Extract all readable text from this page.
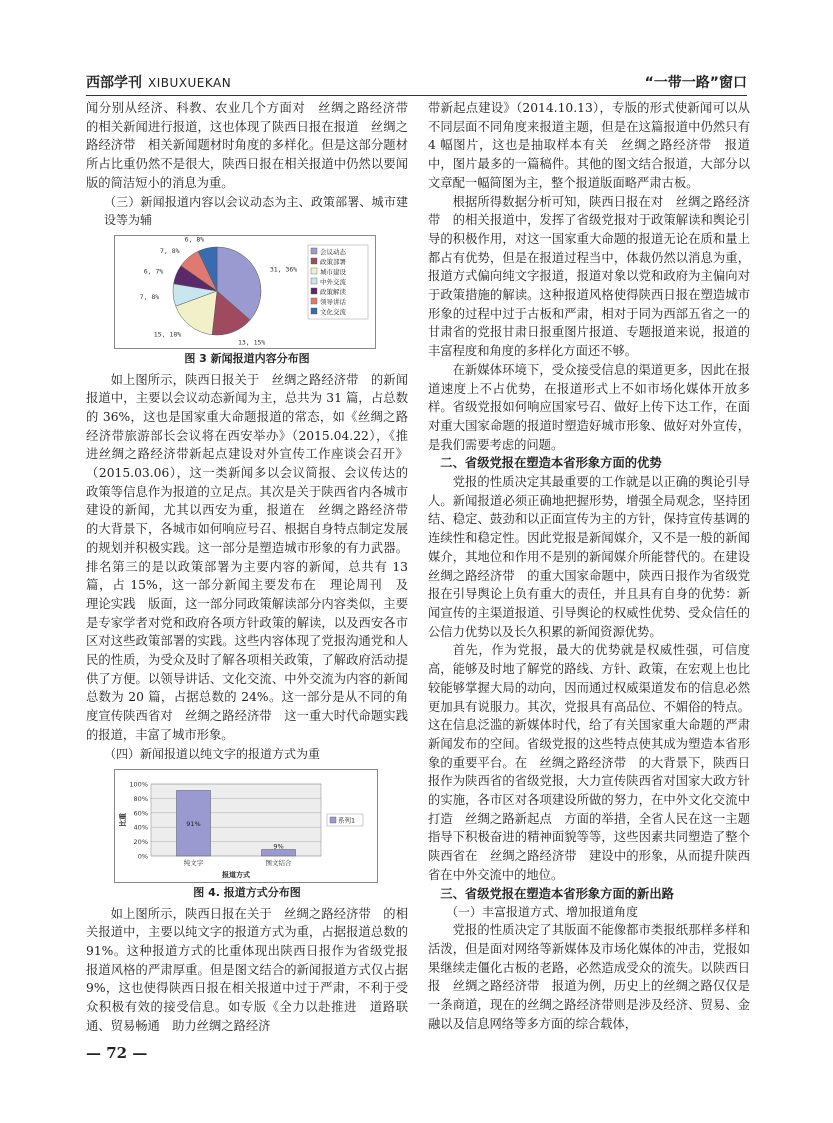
西部学刊 XIBUXUEKAN	“一带一路”窗口

闻分别从经济、科教、农业几个方面对　丝绸之路经济带　的相关新闻进行报道，这也体现了陕西日报在报道　丝绸之路经济带　相关新闻题材时角度的多样化。但是这部分题材所占比重仍然不是很大，陕西日报在相关报道中仍然以要闻版的简洁短小的消息为重。

（三）新闻报道内容以会议动态为主、政策部署、城市建设等为辅
31, 36%
13, 15%
15, 18%
7, 8%
6, 7%
7, 8%
6, 8%
会议动态
政策部署
城市建设
中外交流
政策解读
领导讲话
文化交流
图 3 新闻报道内容分布图

如上图所示，陕西日报关于　丝绸之路经济带　的新闻报道中，主要以会议动态新闻为主，总共为 31 篇，占总数的 36%，这也是国家重大命题报道的常态，如《丝绸之路经济带旅游部长会议将在西安举办》（2015.04.22），《推进丝绸之路经济带新起点建设对外宣传工作座谈会召开》（2015.03.06），这一类新闻多以会议简报、会议传达的政策等信息作为报道的立足点。其次是关于陕西省内各城市建设的新闻，尤其以西安为重，报道在　丝绸之路经济带　的大背景下，各城市如何响应号召、根据自身特点制定发展的规划并积极实践。这一部分是塑造城市形象的有力武器。排名第三的是以政策部署为主要内容的新闻，总共有 13 篇，占 15%，这一部分新闻主要发布在　理论周刊　及　理论实践　版面，这一部分同政策解读部分内容类似，主要是专家学者对党和政府各项方针政策的解读，以及西安各市区对这些政策部署的实践。这些内容体现了党报沟通党和人民的性质，为受众及时了解各项相关政策，了解政府活动提供了方便。以领导讲话、文化交流、中外交流为内容的新闻总数为 20 篇，占据总数的 24%。这一部分是从不同的角度宣传陕西省对　丝绸之路经济带　这一重大时代命题实践的报道，丰富了城市形象。

（四）新闻报道以纯文字的报道方式为重
0%
20%
40%
60%
80%
100%
91%
纯文字
9%
图文结合
报道方式
比重	系列1
图 4. 报道方式分布图

如上图所示，陕西日报在关于　丝绸之路经济带　的相关报道中，主要以纯文字的报道方式为重，占据报道总数的 91%。这种报道方式的比重体现出陕西日报作为省级党报报道风格的严肃厚重。但是图文结合的新闻报道方式仅占据 9%，这也使得陕西日报在相关报道中过于严肃，不利于受众积极有效的接受信息。如专版《全力以赴推进　道路联通、贸易畅通　助力丝绸之路经济

带新起点建设》（2014.10.13），专版的形式使新闻可以从不同层面不同角度来报道主题，但是在这篇报道中仍然只有 4 幅图片，这也是抽取样本有关　丝绸之路经济带　报道中，图片最多的一篇稿件。其他的图文结合报道，大部分以文章配一幅简图为主，整个报道版面略严肃古板。

根据所得数据分析可知，陕西日报在对　丝绸之路经济带　的相关报道中，发挥了省级党报对于政策解读和舆论引导的积极作用，对这一国家重大命题的报道无论在质和量上都占有优势，但是在报道过程当中，体裁仍然以消息为重，报道方式偏向纯文字报道，报道对象以党和政府为主偏向对于政策措施的解读。这种报道风格使得陕西日报在塑造城市形象的过程中过于古板和严肃，相对于同为西部五省之一的甘肃省的党报甘肃日报重图片报道、专题报道来说，报道的丰富程度和角度的多样化方面还不够。

在新媒体环境下，受众接受信息的渠道更多，因此在报道速度上不占优势，在报道形式上不如市场化媒体开放多样。省级党报如何响应国家号召、做好上传下达工作，在面对重大国家命题的报道时塑造好城市形象、做好对外宣传，是我们需要考虑的问题。

二、省级党报在塑造本省形象方面的优势

党报的性质决定其最重要的工作就是以正确的舆论引导人。新闻报道必须正确地把握形势，增强全局观念，坚持团结、稳定、鼓劲和以正面宣传为主的方针，保持宣传基调的连续性和稳定性。因此党报是新闻媒介，又不是一般的新闻媒介，其地位和作用不是别的新闻媒介所能替代的。在建设　丝绸之路经济带　的重大国家命题中，陕西日报作为省级党报在引导舆论上负有重大的责任，并且具有自身的优势：新闻宣传的主渠道报道、引导舆论的权威性优势、受众信任的公信力优势以及长久积累的新闻资源优势。

首先，作为党报，最大的优势就是权威性强，可信度高，能够及时地了解党的路线、方针、政策，在宏观上也比较能够掌握大局的动向，因而通过权威渠道发布的信息必然更加具有说服力。其次，党报具有高品位、不媚俗的特点。这在信息泛滥的新媒体时代，给了有关国家重大命题的严肃新闻发布的空间。省级党报的这些特点使其成为塑造本省形象的重要平台。在　丝绸之路经济带　的大背景下，陕西日报作为陕西省的省级党报，大力宣传陕西省对国家大政方针的实施，各市区对各项建设所做的努力，在中外文化交流中打造　丝绸之路新起点　方面的举措，全省人民在这一主题指导下积极奋进的精神面貌等等，这些因素共同塑造了整个陕西省在　丝绸之路经济带　建设中的形象，从而提升陕西省在中外交流中的地位。

三、省级党报在塑造本省形象方面的新出路
（一）丰富报道方式、增加报道角度

党报的性质决定了其版面不能像都市类报纸那样多样和活泼，但是面对网络等新媒体及市场化媒体的冲击，党报如果继续走僵化古板的老路，必然造成受众的流失。以陕西日报　丝绸之路经济带　报道为例，历史上的丝绸之路仅仅是一条商道，现在的丝绸之路经济带则是涉及经济、贸易、金融以及信息网络等多方面的综合载体，

— 72 —
